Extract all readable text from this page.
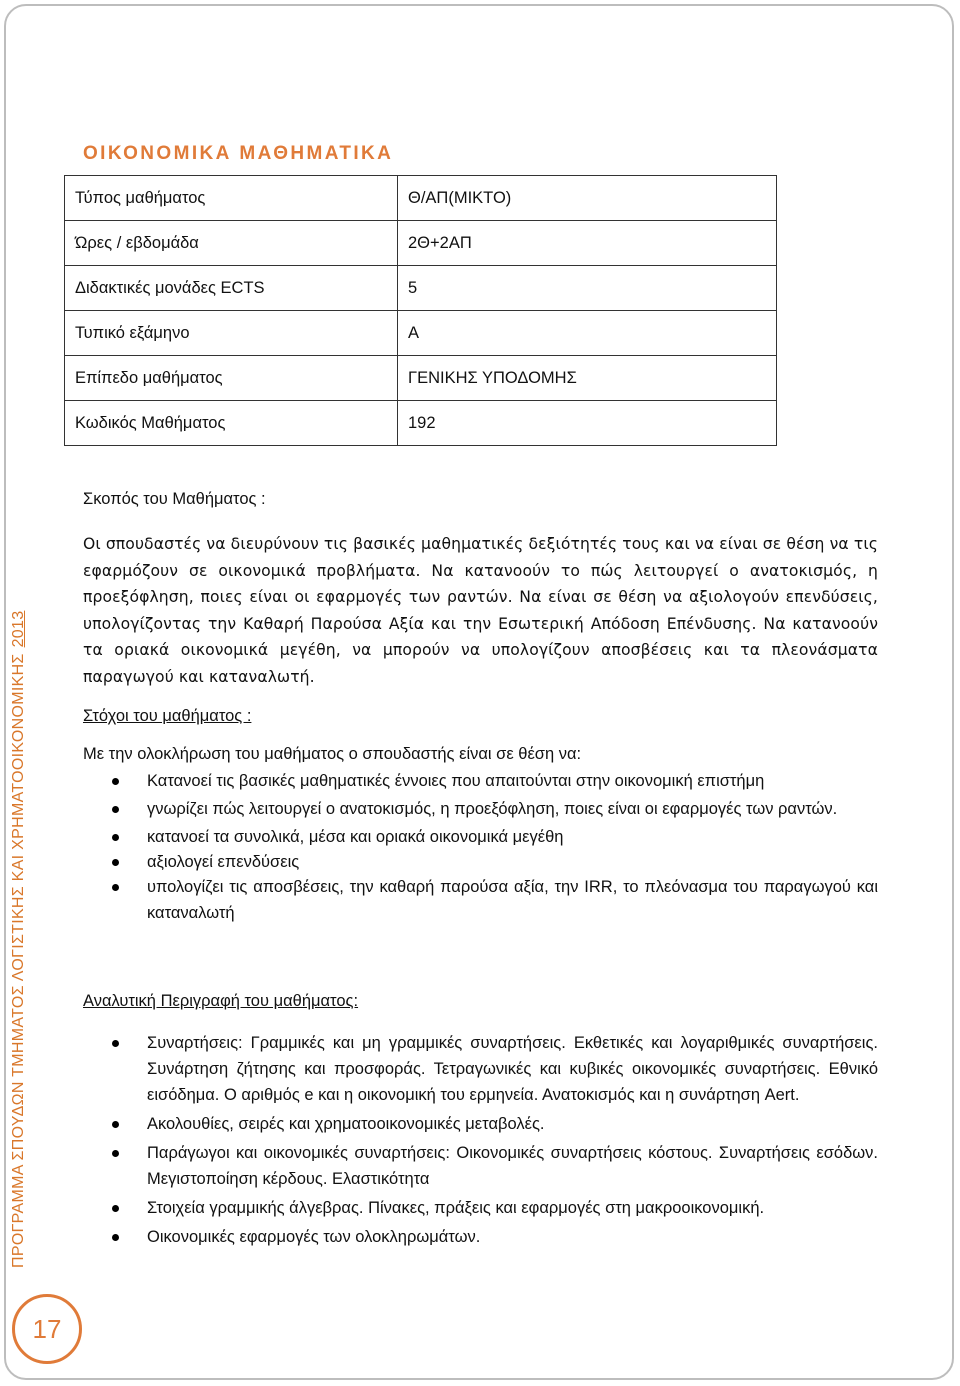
ΠΡΟΓΡΑΜΜΑ ΣΠΟΥΔΩΝ ΤΜΗΜΑΤΟΣ ΛΟΓΙΣΤΙΚΗΣ ΚΑΙ ΧΡΗΜΑΤΟΟΙΚΟΝΟΜΙΚΗΣ2013
17
ΟΙΚΟΝΟΜΙΚΑ ΜΑΘΗΜΑΤΙΚΑ
Τύπος μαθήματος	Θ/ΑΠ(ΜΙΚΤΟ)
Ώρες / εβδομάδα	2Θ+2ΑΠ
Διδακτικές μονάδες ECTS	5
Τυπικό εξάμηνο	Α
Επίπεδο μαθήματος	ΓΕΝΙΚΗΣ ΥΠΟΔΟΜΗΣ
Κωδικός Μαθήματος	192
Σκοπός του Μαθήματος :
Οι σπουδαστές να διευρύνουν τις βασικές μαθηματικές δεξιότητές τους και να είναι σε θέση να τις εφαρμόζουν σε οικονομικά προβλήματα. Να κατανοούν το πώς λειτουργεί ο ανατοκισμός, η προεξόφληση, ποιες είναι οι εφαρμογές των ραντών. Να είναι σε θέση να αξιολογούν επενδύσεις, υπολογίζοντας την Καθαρή Παρούσα Αξία και την Εσωτερική Απόδοση Επένδυσης. Να κατανοούν τα οριακά οικονομικά μεγέθη, να μπορούν να υπολογίζουν αποσβέσεις και τα πλεονάσματα παραγωγού και καταναλωτή.
Στόχοι του μαθήματος :
Με την ολοκλήρωση του μαθήματος ο σπουδαστής είναι σε θέση να:
Κατανοεί τις βασικές μαθηματικές έννοιες που απαιτούνται στην οικονομική επιστήμη
γνωρίζει πώς λειτουργεί ο ανατοκισμός, η προεξόφληση, ποιες είναι οι εφαρμογές των ραντών.
κατανοεί τα συνολικά, μέσα και οριακά οικονομικά μεγέθη
αξιολογεί επενδύσεις
υπολογίζει τις αποσβέσεις, την καθαρή παρούσα αξία, την IRR, το πλεόνασμα του παραγωγού και καταναλωτή
Αναλυτική Περιγραφή του μαθήματος:
Συναρτήσεις: Γραμμικές και μη γραμμικές συναρτήσεις. Εκθετικές και λογαριθμικές συναρτήσεις. Συνάρτηση ζήτησης και προσφοράς. Τετραγωνικές και κυβικές οικονομικές συναρτήσεις. Εθνικό εισόδημα. Ο αριθμός e και η οικονομική του ερμηνεία. Ανατοκισμός και η συνάρτηση Aert.
Ακολουθίες, σειρές και χρηματοοικονομικές μεταβολές.
Παράγωγοι και οικονομικές συναρτήσεις: Οικονομικές συναρτήσεις κόστους. Συναρτήσεις εσόδων. Μεγιστοποίηση κέρδους. Ελαστικότητα
Στοιχεία γραμμικής άλγεβρας. Πίνακες, πράξεις και εφαρμογές στη μακροοικονομική.
Οικονομικές εφαρμογές των ολοκληρωμάτων.
